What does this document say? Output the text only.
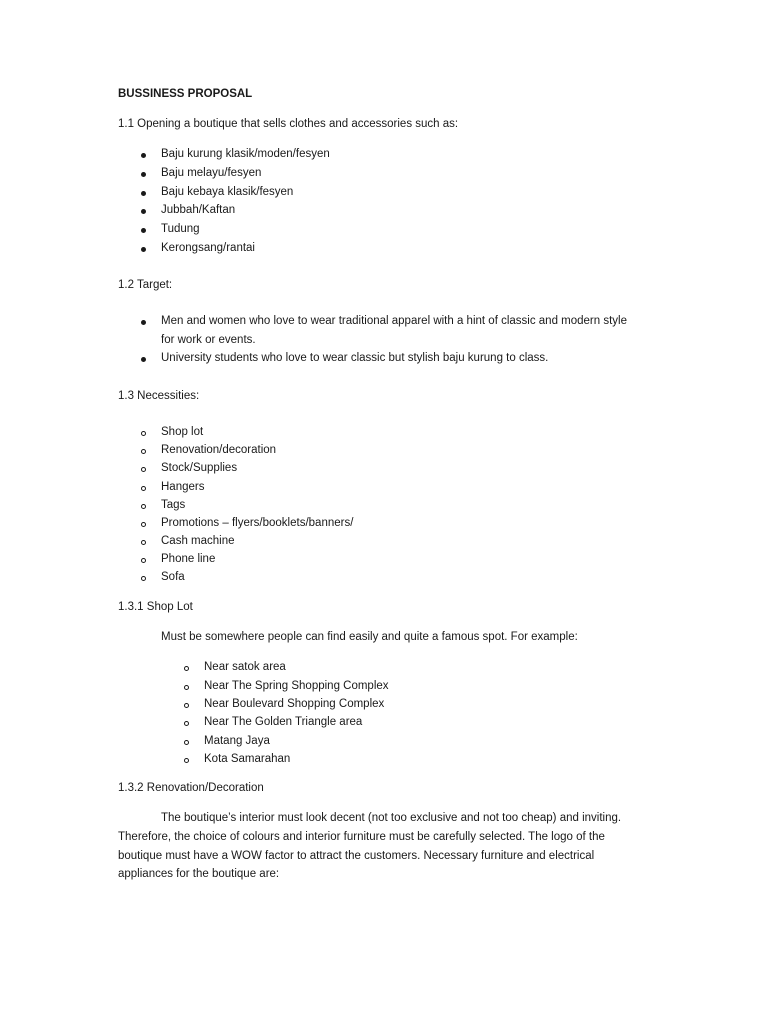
BUSSINESS PROPOSAL
1.1 Opening a boutique that sells clothes and accessories such as:
Baju kurung klasik/moden/fesyen
Baju melayu/fesyen
Baju kebaya klasik/fesyen
Jubbah/Kaftan
Tudung
Kerongsang/rantai
1.2 Target:
Men and women who love to wear traditional apparel with a hint of classic and modern style
for work or events.
University students who love to wear classic but stylish baju kurung to class.
1.3 Necessities:
Shop lot
Renovation/decoration
Stock/Supplies
Hangers
Tags
Promotions – flyers/booklets/banners/
Cash machine
Phone line
Sofa
1.3.1 Shop Lot
Must be somewhere people can find easily and quite a famous spot. For example:
Near satok area
Near The Spring Shopping Complex
Near Boulevard Shopping Complex
Near The Golden Triangle area
Matang Jaya
Kota Samarahan
1.3.2 Renovation/Decoration
The boutique’s interior must look decent (not too exclusive and not too cheap) and inviting.
Therefore, the choice of colours and interior furniture must be carefully selected. The logo of the
boutique must have a WOW factor to attract the customers. Necessary furniture and electrical
appliances for the boutique are:
